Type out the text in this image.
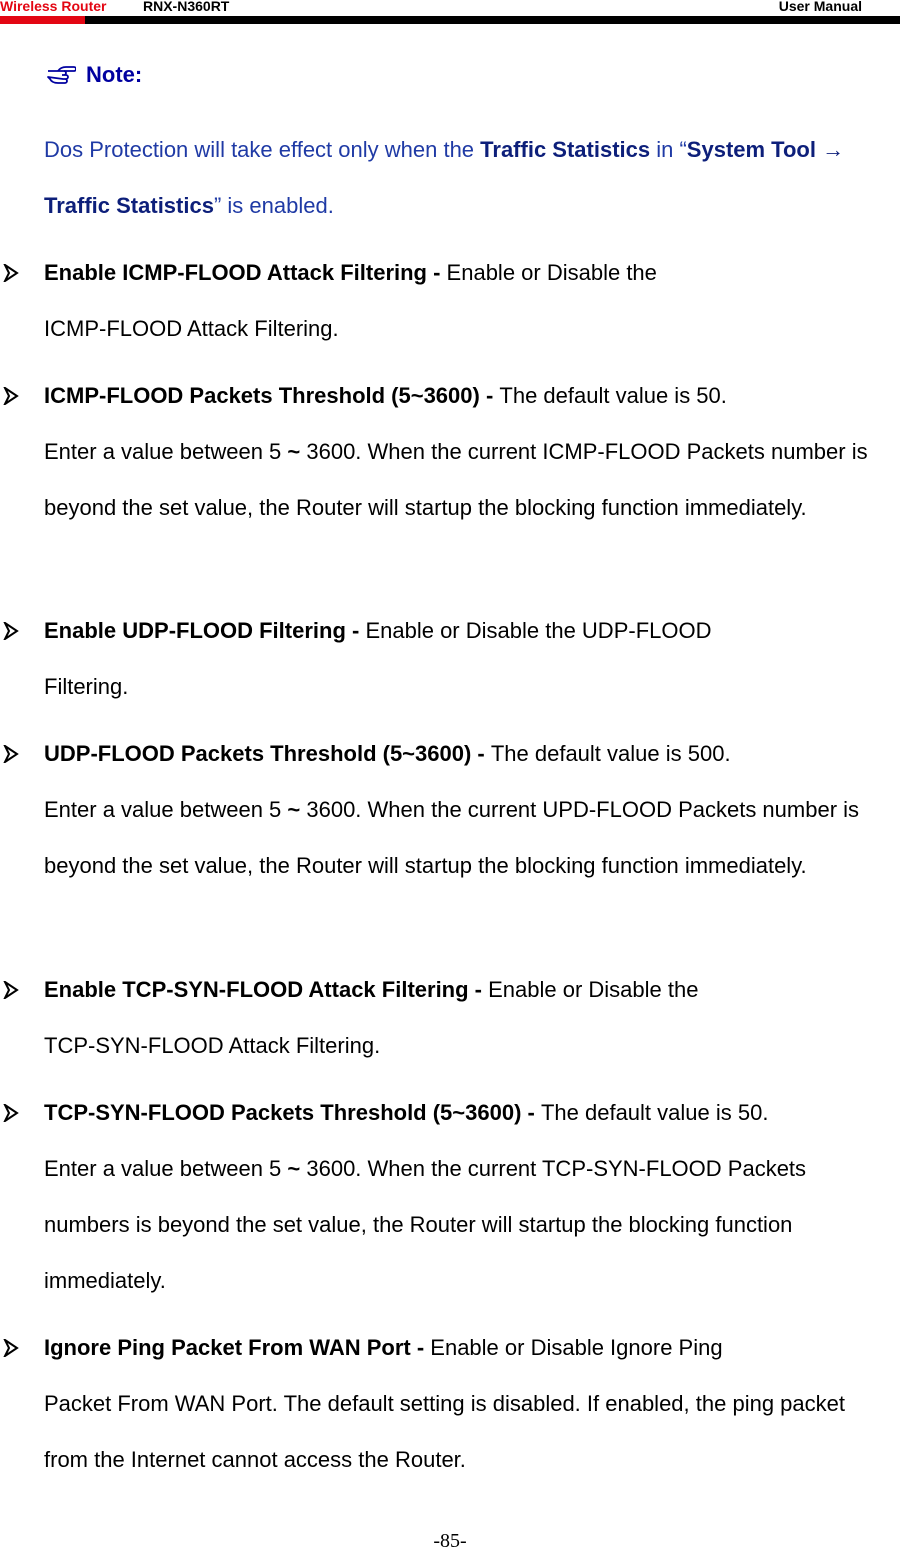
Wireless Router	RNX-N360RT	User Manual
Note:
Dos Protection will take effect only when the Traffic Statistics in “System Tool → Traffic Statistics” is enabled.
Enable ICMP-FLOOD Attack Filtering - Enable or Disable the
ICMP-FLOOD Attack Filtering.
ICMP-FLOOD Packets Threshold (5~3600) - The default value is 50.
Enter a value between 5 ~ 3600. When the current ICMP-FLOOD Packets number is beyond the set value, the Router will startup the blocking function immediately.
Enable UDP-FLOOD Filtering - Enable or Disable the UDP-FLOOD
Filtering.
UDP-FLOOD Packets Threshold (5~3600) - The default value is 500.
Enter a value between 5 ~ 3600. When the current UPD-FLOOD Packets number is beyond the set value, the Router will startup the blocking function immediately.
Enable TCP-SYN-FLOOD Attack Filtering - Enable or Disable the
TCP-SYN-FLOOD Attack Filtering.
TCP-SYN-FLOOD Packets Threshold (5~3600) - The default value is 50.
Enter a value between 5 ~ 3600. When the current TCP-SYN-FLOOD Packets numbers is beyond the set value, the Router will startup the blocking function immediately.
Ignore Ping Packet From WAN Port - Enable or Disable Ignore Ping
Packet From WAN Port. The default setting is disabled. If enabled, the ping packet from the Internet cannot access the Router.
-85-
